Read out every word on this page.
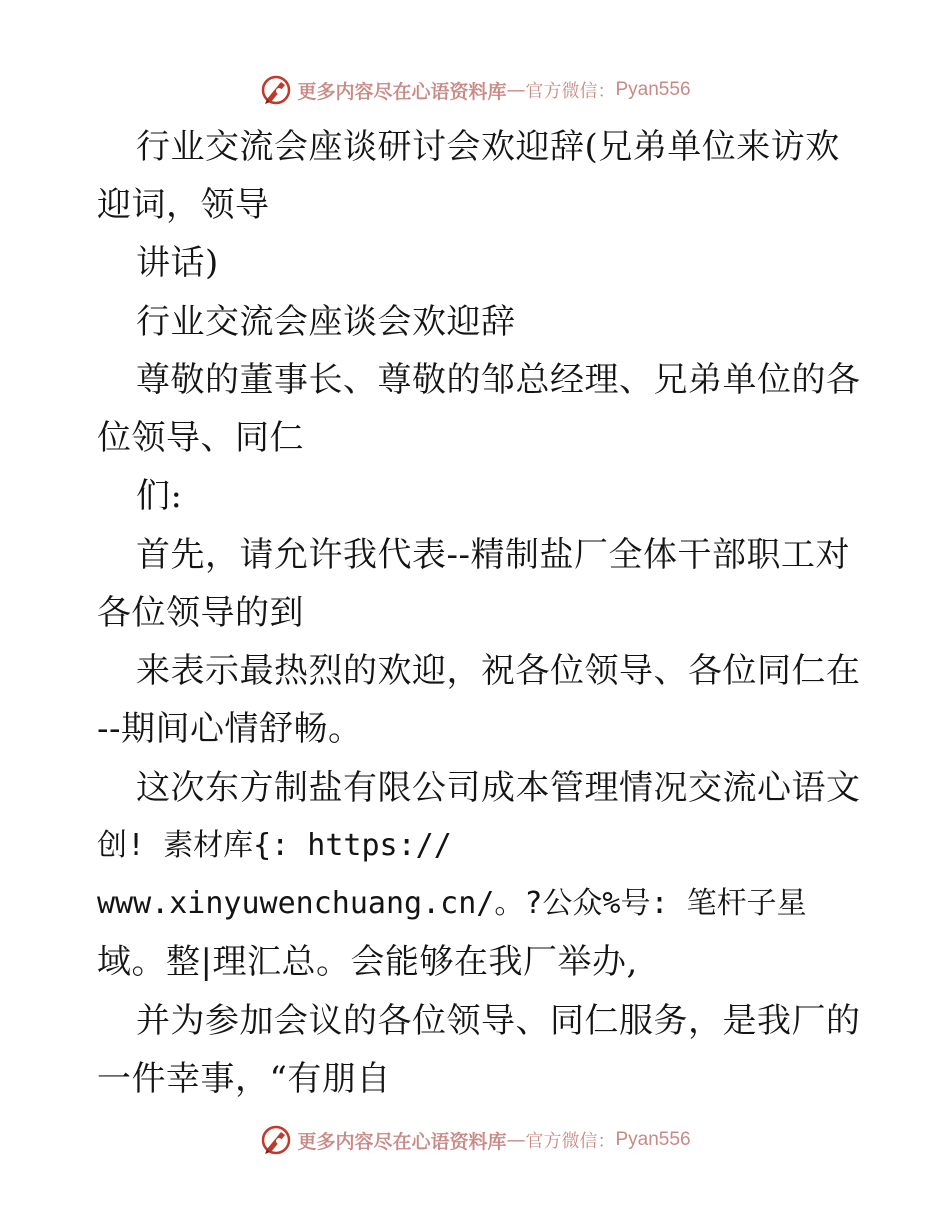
更多内容尽在心语资料库 — 官方微信： Pyan556
行业交流会座谈研讨会欢迎辞(兄弟单位来访欢
迎词，领导
讲话)
行业交流会座谈会欢迎辞
尊敬的董事长、尊敬的邹总经理、兄弟单位的各
位领导、同仁
们:
首先，请允许我代表--精制盐厂全体干部职工对
各位领导的到
来表示最热烈的欢迎，祝各位领导、各位同仁在
--期间心情舒畅。
这次东方制盐有限公司成本管理情况交流心语文
创! 素材库{: https://
www.xinyuwenchuang.cn/。?公众%号: 笔杆子星
域。整|理汇总。会能够在我厂举办,
并为参加会议的各位领导、同仁服务，是我厂的
一件幸事，“有朋自
更多内容尽在心语资料库 — 官方微信： Pyan556
